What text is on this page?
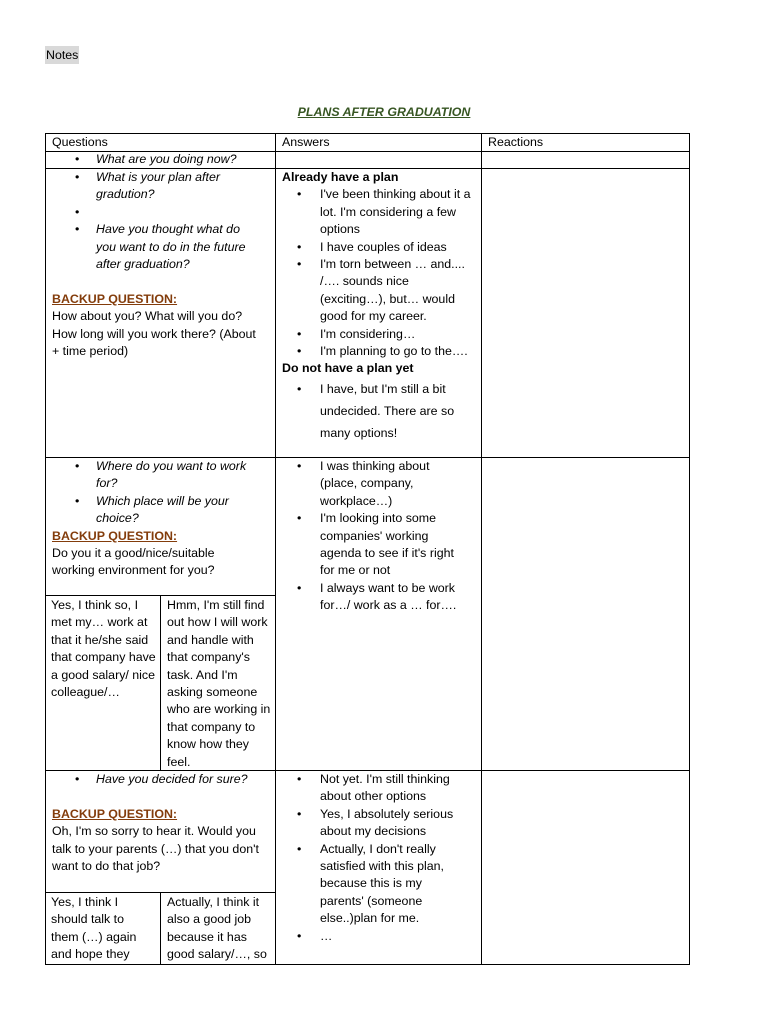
Notes
PLANS AFTER GRADUATION
Questions	Answers	Reactions
• What are you doing now?
• What is your plan after gradution?
•
• Have you thought what do you want to do in the future after graduation?
BACKUP QUESTION:
How about you? What will you do? How long will you work there? (About + time period)
Already have a plan
• I've been thinking about it a lot. I'm considering a few options
• I have couples of ideas
• I'm torn between … and.... /…. sounds nice (exciting…), but… would good for my career.
• I'm considering…
• I'm planning to go to the….
Do not have a plan yet
• I have, but I'm still a bit undecided. There are so many options!
• Where do you want to work for?
• Which place will be your choice?
BACKUP QUESTION:
Do you it a good/nice/suitable working environment for you?
Yes, I think so, I met my… work at that it he/she said that company have a good salary/ nice colleague/…
Hmm, I'm still find out how I will work and handle with that company's task. And I'm asking someone who are working in that company to know how they feel.
• I was thinking about (place, company, workplace…)
• I'm looking into some companies' working agenda to see if it's right for me or not
• I always want to be work for…/ work as a … for….
• Have you decided for sure?
BACKUP QUESTION:
Oh, I'm so sorry to hear it. Would you talk to your parents (…) that you don't want to do that job?
Yes, I think I should talk to them (…) again and hope they
Actually, I think it also a good job because it has good salary/…, so
• Not yet. I'm still thinking about other options
• Yes, I absolutely serious about my decisions
• Actually, I don't really satisfied with this plan, because this is my parents' (someone else..)plan for me.
• …
